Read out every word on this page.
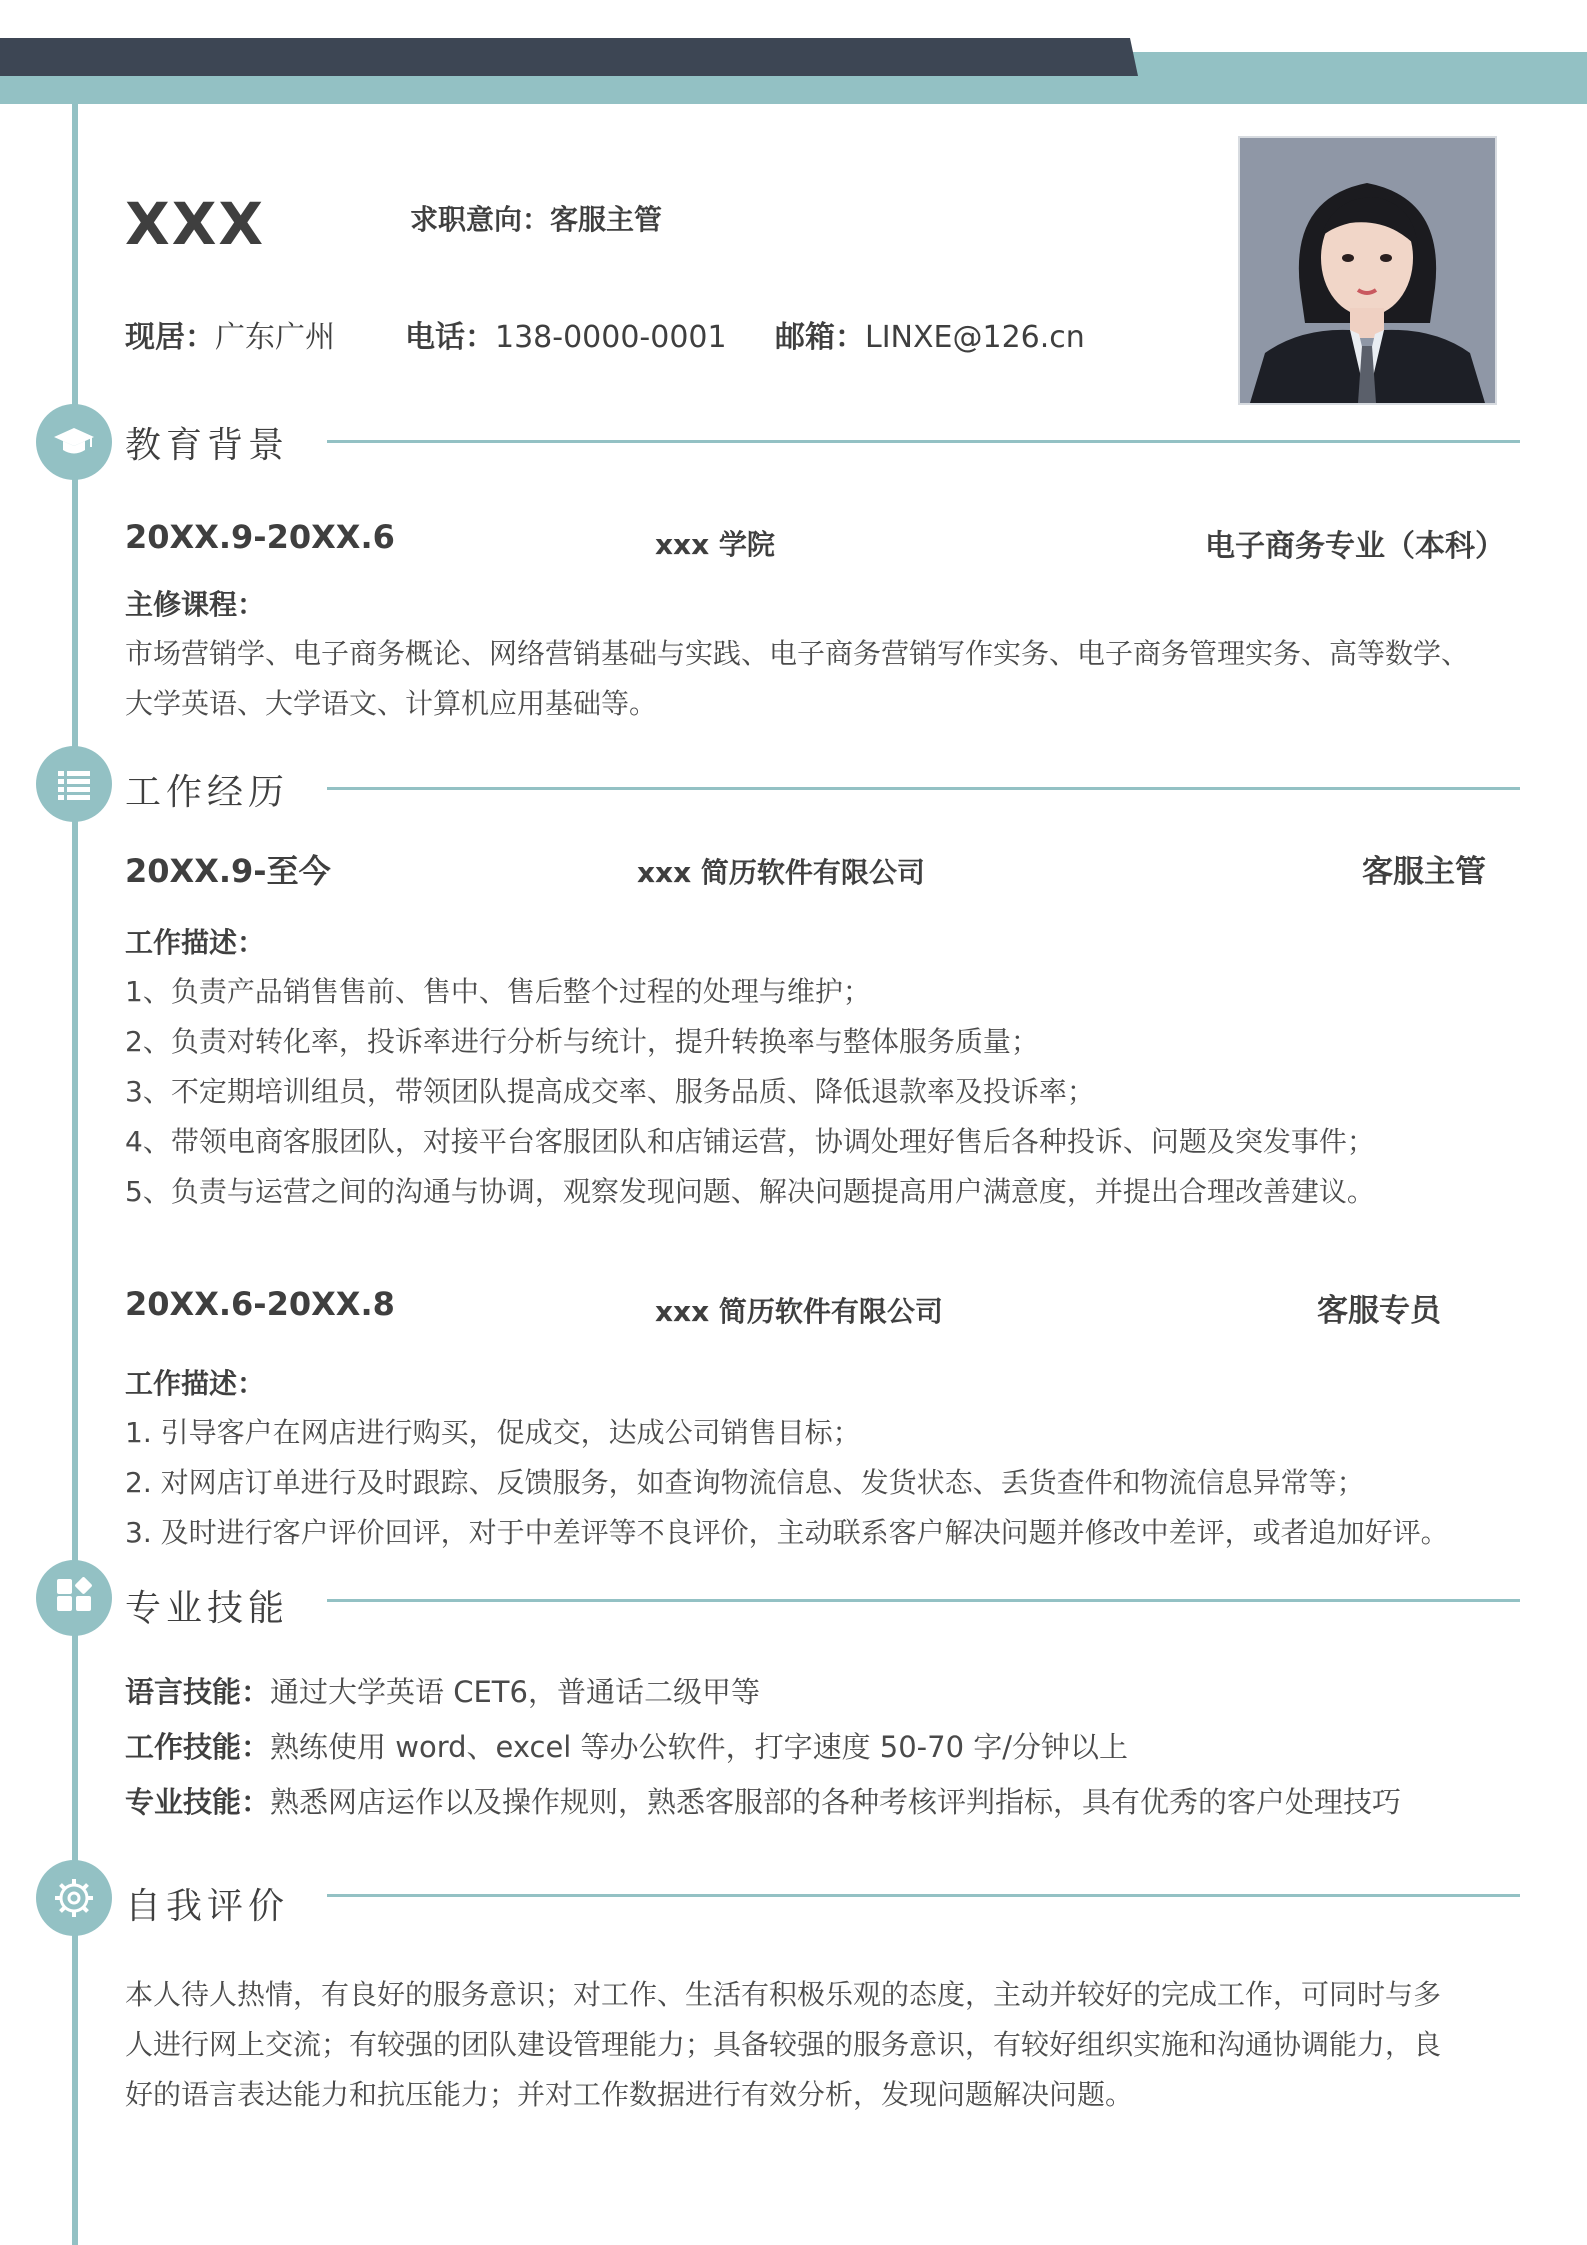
XXX	求职意向：客服主管
现居：广东广州 电话：138-0000-0001 邮箱：LINXE@126.cn
教育背景
20XX.9-20XX.6	xxx 学院	电子商务专业（本科）
主修课程：
市场营销学、电子商务概论、网络营销基础与实践、电子商务营销写作实务、电子商务管理实务、高等数学、
大学英语、大学语文、计算机应用基础等。
工作经历
20XX.9-至今	xxx 简历软件有限公司	客服主管
工作描述：
1、负责产品销售售前、售中、售后整个过程的处理与维护；
2、负责对转化率，投诉率进行分析与统计，提升转换率与整体服务质量；
3、不定期培训组员，带领团队提高成交率、服务品质、降低退款率及投诉率；
4、带领电商客服团队，对接平台客服团队和店铺运营，协调处理好售后各种投诉、问题及突发事件；
5、负责与运营之间的沟通与协调，观察发现问题、解决问题提高用户满意度，并提出合理改善建议。
20XX.6-20XX.8	xxx 简历软件有限公司	客服专员
工作描述：
1. 引导客户在网店进行购买，促成交，达成公司销售目标；
2. 对网店订单进行及时跟踪、反馈服务，如查询物流信息、发货状态、丢货查件和物流信息异常等；
3. 及时进行客户评价回评，对于中差评等不良评价，主动联系客户解决问题并修改中差评，或者追加好评。
专业技能
语言技能：通过大学英语 CET6，普通话二级甲等
工作技能：熟练使用 word、excel 等办公软件，打字速度 50-70 字/分钟以上
专业技能：熟悉网店运作以及操作规则，熟悉客服部的各种考核评判指标，具有优秀的客户处理技巧
自我评价
本人待人热情，有良好的服务意识；对工作、生活有积极乐观的态度，主动并较好的完成工作，可同时与多
人进行网上交流；有较强的团队建设管理能力；具备较强的服务意识，有较好组织实施和沟通协调能力，良
好的语言表达能力和抗压能力；并对工作数据进行有效分析，发现问题解决问题。
